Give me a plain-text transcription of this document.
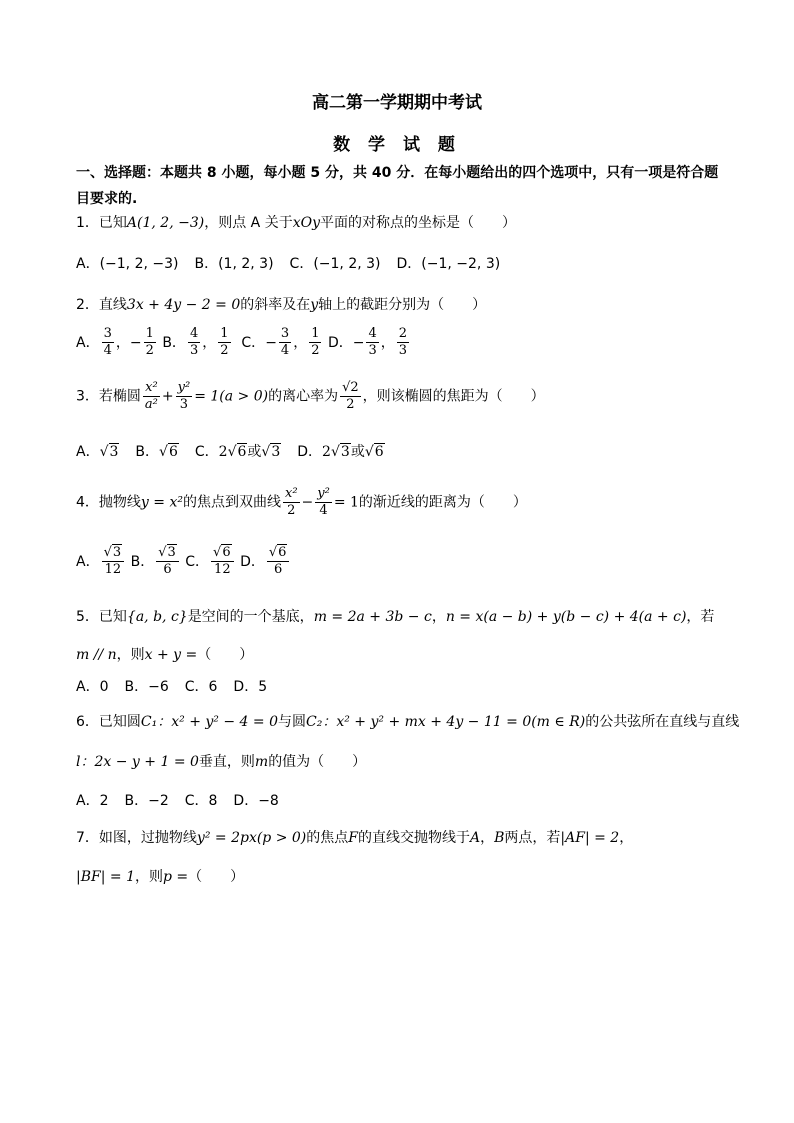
高二第一学期期中考试
数 学 试 题
一、选择题：本题共 8 小题，每小题 5 分，共 40 分．在每小题给出的四个选项中，只有一项是符合题目要求的.
1．已知A(1, 2, −3)，则点 A 关于xOy平面的对称点的坐标是（　　）
A．(−1, 2, −3) B．(1, 2, 3) C．(−1, 2, 3) D．(−1, −2, 3)
2．直线3x + 4y − 2 = 0的斜率及在y轴上的截距分别为（　　）
A． $\frac{3}{4}$ ，− $\frac{1}{2}$ B． $\frac{4}{3}$ ， $\frac{1}{2}$ C．− $\frac{3}{4}$ ， $\frac{1}{2}$ D．− $\frac{4}{3}$ ， $\frac{2}{3}$
3．若椭圆 $\frac{\text{x²}}{\text{a²}} + \frac{\text{y²}}{3} = 1(a > 0)$的离心率为 $\frac{√2}{2}$ ，则该椭圆的焦距为（　　）
A．√3 B．√6 C．2√6或√3 D．2√3或√6
4．抛物线y = x²的焦点到双曲线 $\frac{\text{x²}}{2} - \frac{\text{y²}}{4} = 1$的渐近线的距离为（　　）
A． $\frac{√3}{12}$ B． $\frac{√3}{6}$ C． $\frac{√6}{12}$ D． $\frac{√6}{6}$
5．已知{a, b, c}是空间的一个基底，m = 2a + 3b − c，n = x(a − b) + y(b − c) + 4(a + c)，若
m // n，则x + y =（　　）
A．0 B．−6 C．6 D．5
6．已知圆C₁：x² + y² − 4 = 0与圆C₂：x² + y² + mx + 4y − 11 = 0(m ∈ R)的公共弦所在直线与直线
l：2x − y + 1 = 0垂直，则m的值为（　　）
A．2 B．−2 C．8 D．−8
7．如图，过抛物线y² = 2px(p > 0)的焦点F的直线交抛物线于A，B两点，若|AF| = 2，
|BF| = 1，则p =（　　）
